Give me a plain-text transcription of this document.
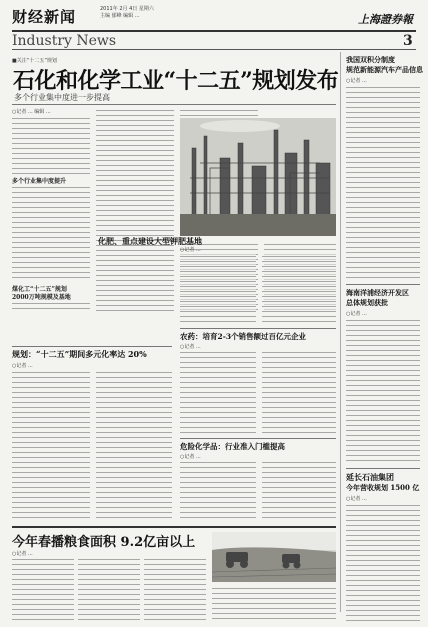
财经新闻	2011年 2月 4日 星期六
主编 郁峰 编辑 ...	上海證券報
Industry News	3
■关注“十二五”规划
石化和化学工业“十二五”规划发布
多个行业集中度进一步提高
○记者 ... 编辑 ...
多个行业集中度提升
煤化工“十二五”规划
2000万吨规模及基地
规划：“十二五”期间多元化率达 20%
○记者 ...
化肥、重点建设大型钾肥基地
○记者 ...
农药：培育2-3个销售额过百亿元企业
○记者 ...
危险化学品：行业准入门槛提高
○记者 ...
今年春播粮食面积 9.2亿亩以上
○记者 ...
我国双积分制度
规范新能源汽车产品信息
○记者 ...
海南洋浦经济开发区
总体规划获批
○记者 ...
延长石油集团
今年营收规划 1500 亿
○记者 ...
